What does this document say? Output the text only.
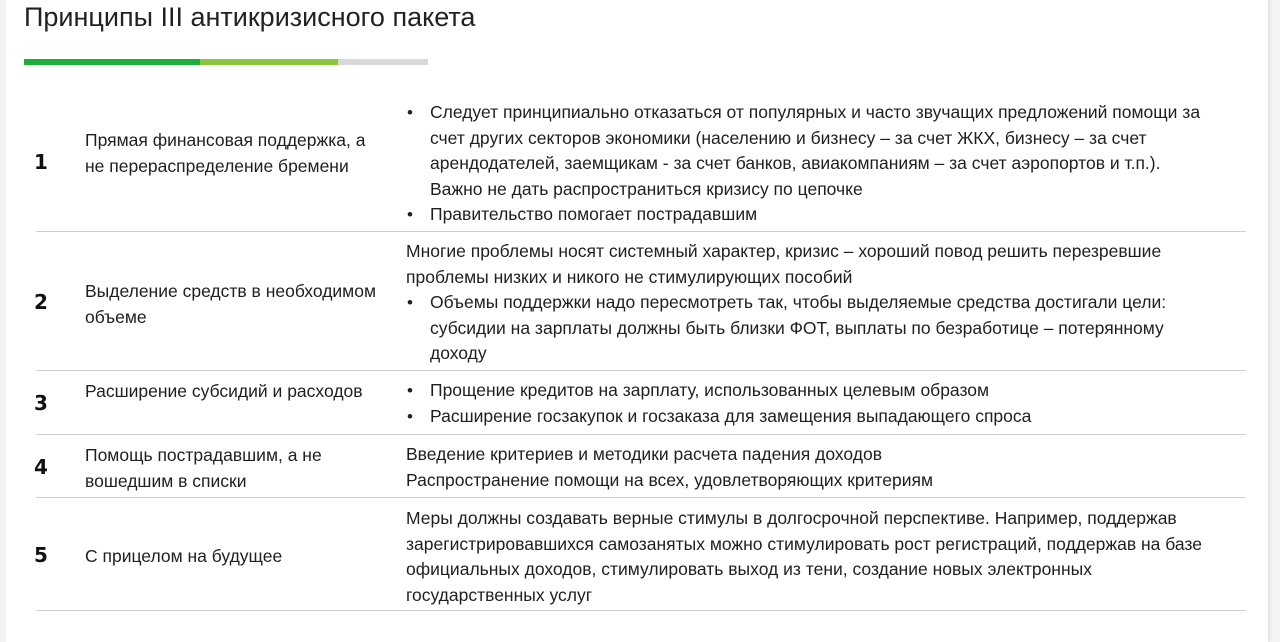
Принципы III антикризисного пакета
1
Прямая финансовая поддержка, а не перераспределение бремени
• Следует принципиально отказаться от популярных и часто звучащих предложений помощи за счет других секторов экономики (населению и бизнесу – за счет ЖКХ, бизнесу – за счет арендодателей, заемщикам - за счет банков, авиакомпаниям – за счет аэропортов и т.п.). Важно не дать распространиться кризису по цепочке
• Правительство помогает пострадавшим
2 Выделение средств в необходимом объеме

Многие проблемы носят системный характер, кризис – хороший повод решить перезревшие проблемы низких и никого не стимулирующих пособий

• Объемы поддержки надо пересмотреть так, чтобы выделяемые средства достигали цели: субсидии на зарплаты должны быть близки ФОТ, выплаты по безработице – потерянному доходу
3 Расширение субсидий и расходов
•	Прощение кредитов на зарплату, использованных целевым образом
• Расширение госзакупок и госзаказа для замещения выпадающего спроса
4 Помощь пострадавшим, а не вошедшим в списки

Введение критериев и методики расчета падения доходов

Распространение помощи на всех, удовлетворяющих критериям

5 С прицелом на будущее

Меры должны создавать верные стимулы в долгосрочной перспективе. Например, поддержав зарегистрировавшихся самозанятых можно стимулировать рост регистраций, поддержав на базе официальных доходов, стимулировать выход из тени, создание новых электронных государственных услуг
